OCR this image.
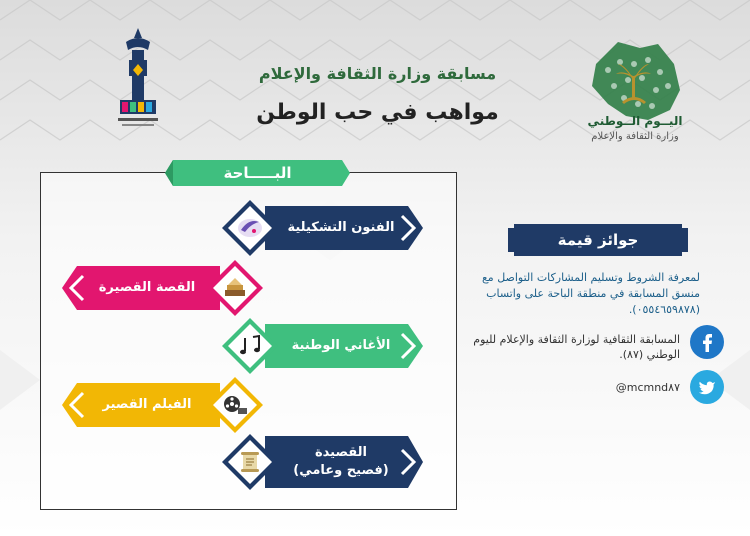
اليــوم الــوطني
وزارة الثقافة والإعلام
مسابقة وزارة الثقافة والإعلام
مواهب في حب الوطن
البـــــاحة
الفنون التشكيلية
القصة القصيرة
الأغاني الوطنية
الفيلم القصير
القصيدة
(فصيح وعامي)
جوائز قيمة
لمعرفة الشروط وتسليم المشاركات التواصل مع منسق المسابقة في منطقة الباحة على واتساب (٠٥٥٤٦٥٩٨٧٨).
المسابقة الثقافية لوزارة الثقافة والإعلام لليوم الوطني (٨٧).
@mcmnd٨٧
